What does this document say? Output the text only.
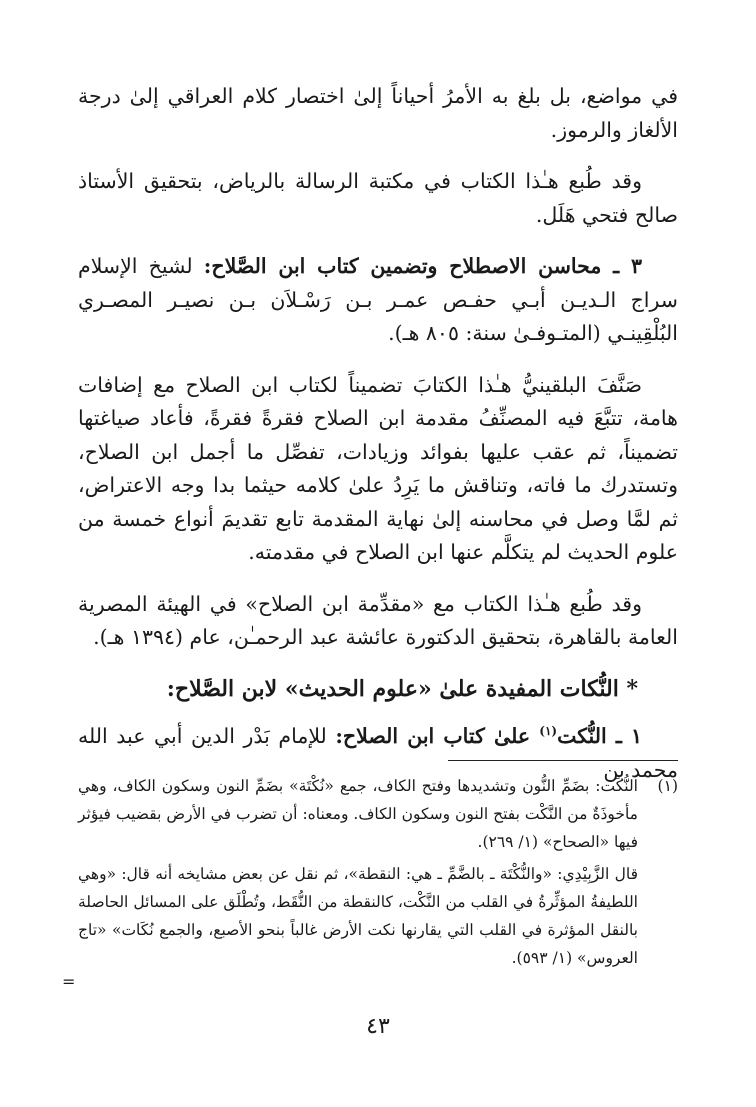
في مواضع، بل بلغ به الأمرُ أحياناً إلىٰ اختصار كلام العراقي إلىٰ درجة الألغاز والرموز.

وقد طُبع هـٰذا الكتاب في مكتبة الرسالة بالرياض، بتحقيق الأستاذ صالح فتحي هَلَل.

٣ ـ محاسن الاصطلاح وتضمين كتاب ابن الصَّلاح: لشيخ الإسلام سراج الـديـن أبـي حفـص عمـر بـن رَسْـلاَن بـن نصيـر المصـري البُلْقِينـي (المتـوفـىٰ سنة: ٨٠٥ هـ).

صَنَّفَ البلقينيُّ هـٰذا الكتابَ تضميناً لكتاب ابن الصلاح مع إضافات هامة، تتبَّعَ فيه المصنِّفُ مقدمة ابن الصلاح فقرةً فقرةً، فأعاد صياغتها تضميناً، ثم عقب عليها بفوائد وزيادات، تفصِّل ما أجمل ابن الصلاح، وتستدرك ما فاته، وتناقش ما يَرِدُ علىٰ كلامه حيثما بدا وجه الاعتراض، ثم لمَّا وصل في محاسنه إلىٰ نهاية المقدمة تابع تقديمَ أنواع خمسة من علوم الحديث لم يتكلَّم عنها ابن الصلاح في مقدمته.

وقد طُبع هـٰذا الكتاب مع «مقدِّمة ابن الصلاح» في الهيئة المصرية العامة بالقاهرة، بتحقيق الدكتورة عائشة عبد الرحمـٰن، عام (١٣٩٤ هـ).

* النُّكات المفيدة علىٰ «علوم الحديث» لابن الصَّلاح:

١ ـ النُّكت$^{(١)}$ علىٰ كتاب ابن الصلاح: للإمام بَدْر الدين أبي عبد الله محمد بن

(١)
النُّكَت: بضَمِّ النُّون وتشديدها وفتح الكاف، جمع «نُكْتَة» بضَمِّ النون وسكون الكاف، وهي مأخوذَةٌ من النَّكْت بفتح النون وسكون الكاف. ومعناه: أن تضرب في الأرض بقضيب فيؤثر فيها «الصحاح» (١/ ٢٦٩).

قال الزَّبِيْدِي: «والنُّكْتَة ـ بالضَّمِّ ـ هي: النقطة»، ثم نقل عن بعض مشايخه أنه قال: «وهي اللطيفةُ المؤثِّرةُ في القلب من النَّكْت، كالنقطة من النُّقَط، وتُطْلَق على المسائل الحاصلة بالنقل المؤثرة في القلب التي يقارنها نكت الأرض غالباً بنحو الأصبع، والجمع نُكَات» «تاج العروس» (١/ ٥٩٣).

=
٤٣
